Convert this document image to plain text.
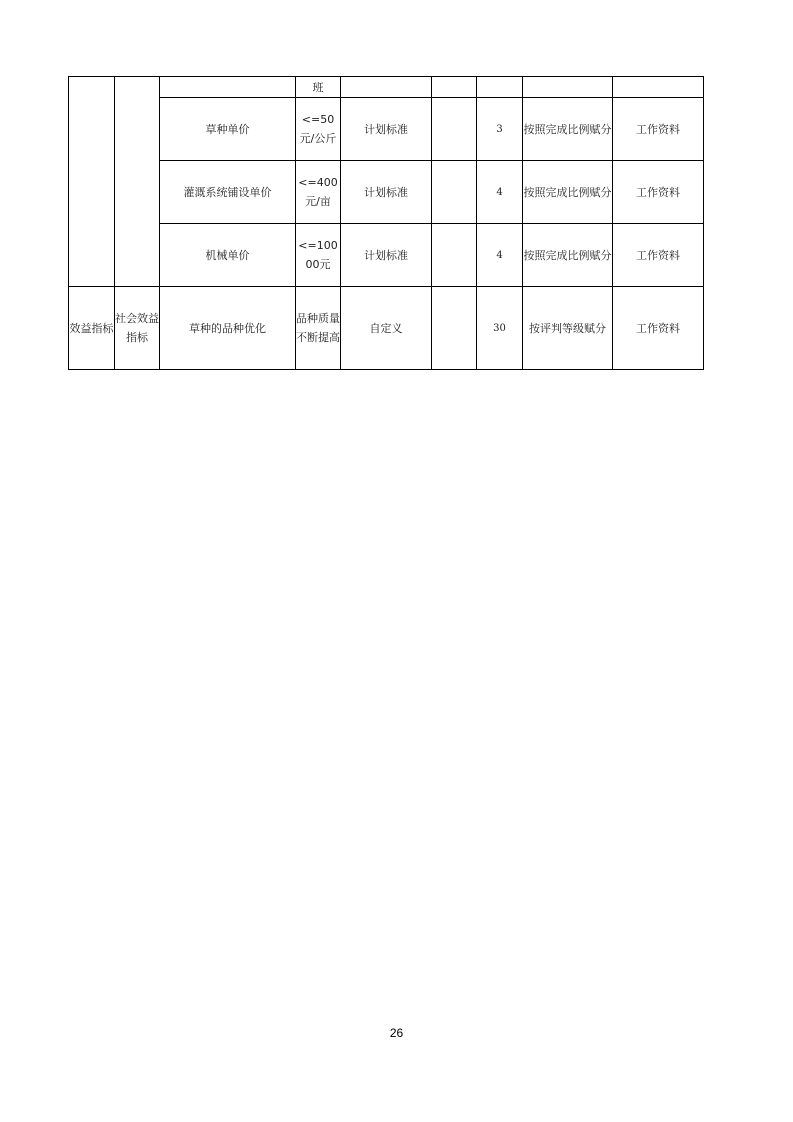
			班					
		草种单价	<=50元/公斤	计划标准		3	按照完成比例赋分	工作资料
		灌溉系统铺设单价	<=400元/亩	计划标准		4	按照完成比例赋分	工作资料
		机械单价	<=10000元	计划标准		4	按照完成比例赋分	工作资料
效益指标	社会效益指标	草种的品种优化	品种质量不断提高	自定义		30	按评判等级赋分	工作资料
26
